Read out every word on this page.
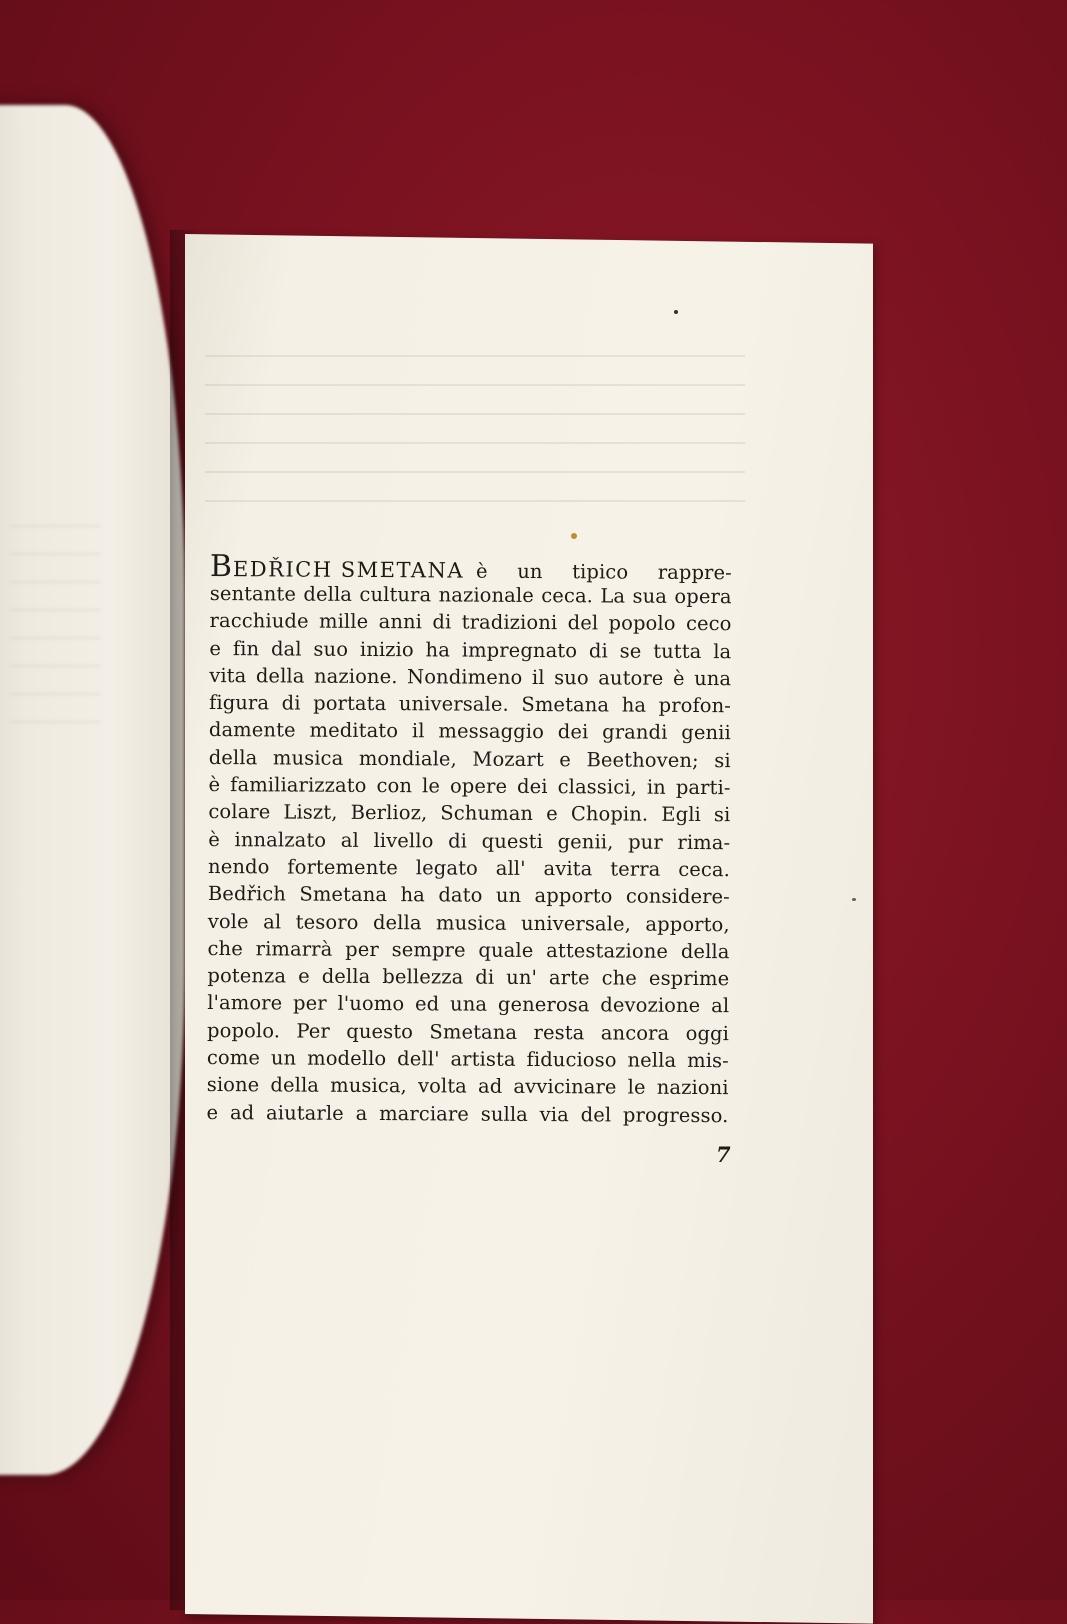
B EDŘICH SMETANA è un tipico rappre-
sentante della cultura nazionale ceca. La sua opera
racchiude mille anni di tradizioni del popolo ceco
e fin dal suo inizio ha impregnato di se tutta la
vita della nazione. Nondimeno il suo autore è una
figura di portata universale. Smetana ha profon-
damente meditato il messaggio dei grandi genii
della musica mondiale, Mozart e Beethoven; si
è familiarizzato con le opere dei classici, in parti-
colare Liszt, Berlioz, Schuman e Chopin. Egli si
è innalzato al livello di questi genii, pur rima-
nendo fortemente legato all' avita terra ceca.
Bedřich Smetana ha dato un apporto considere-
vole al tesoro della musica universale, apporto,
che rimarrà per sempre quale attestazione della
potenza e della bellezza di un' arte che esprime
l'amore per l'uomo ed una generosa devozione al
popolo. Per questo Smetana resta ancora oggi
come un modello dell' artista fiducioso nella mis-
sione della musica, volta ad avvicinare le nazioni
e ad aiutarle a marciare sulla via del progresso.
7
